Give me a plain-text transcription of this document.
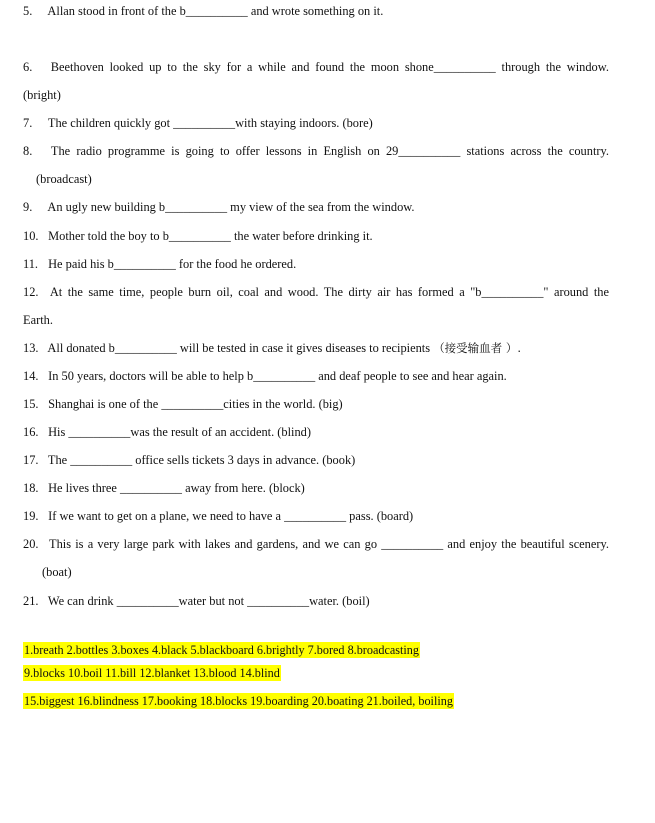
5. Allan stood in front of the b__________ and wrote something on it.
6. Beethoven looked up to the sky for a while and found the moon shone__________ through the window.
(bright)
7. The children quickly got __________with staying indoors. (bore)
8. The radio programme is going to offer lessons in English on 29__________ stations across the country.
(broadcast)
9. An ugly new building b__________ my view of the sea from the window.
10. Mother told the boy to b__________ the water before drinking it.
11. He paid his b__________ for the food he ordered.
12. At the same time, people burn oil, coal and wood. The dirty air has formed a "b__________" around the
Earth.
13. All donated b__________ will be tested in case it gives diseases to recipients （接受输血者 ）.
14. In 50 years, doctors will be able to help b__________ and deaf people to see and hear again.
15. Shanghai is one of the __________cities in the world. (big)
16. His __________was the result of an accident. (blind)
17. The __________ office sells tickets 3 days in advance. (book)
18. He lives three __________ away from here. (block)
19. If we want to get on a plane, we need to have a __________ pass. (board)
20. This is a very large park with lakes and gardens, and we can go __________ and enjoy the beautiful scenery.
(boat)
21. We can drink __________water but not __________water. (boil)
1.breath 2.bottles 3.boxes 4.black 5.blackboard 6.brightly 7.bored 8.broadcasting
9.blocks 10.boil 11.bill 12.blanket 13.blood 14.blind
15.biggest 16.blindness 17.booking 18.blocks 19.boarding 20.boating 21.boiled, boiling
